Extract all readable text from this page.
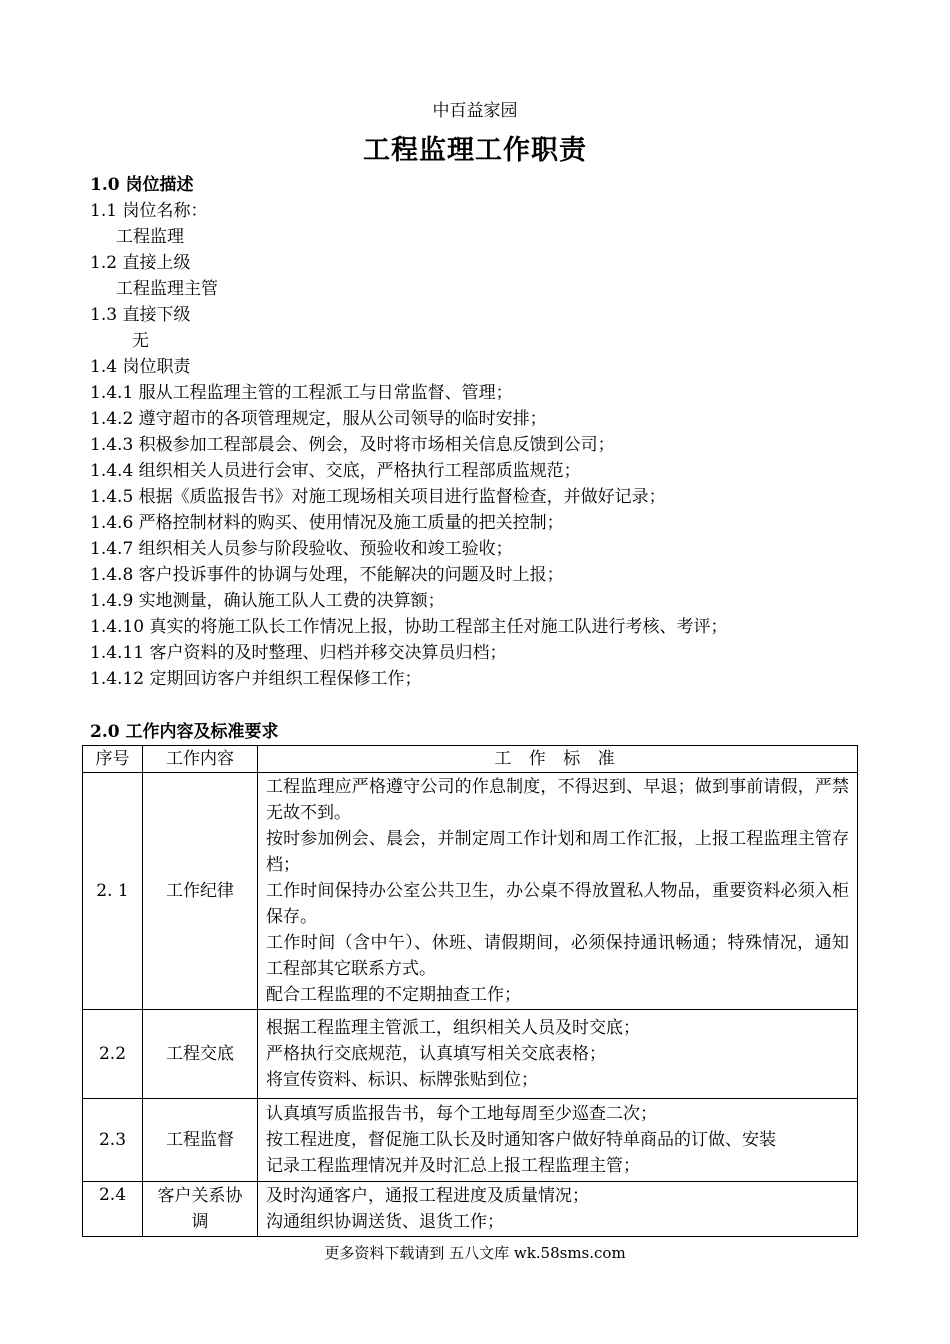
中百益家园
工程监理工作职责
1.0 岗位描述
1.1 岗位名称：
工程监理
1.2 直接上级
工程监理主管
1.3 直接下级
无
1.4 岗位职责
1.4.1 服从工程监理主管的工程派工与日常监督、管理；
1.4.2 遵守超市的各项管理规定，服从公司领导的临时安排；
1.4.3 积极参加工程部晨会、例会，及时将市场相关信息反馈到公司；
1.4.4 组织相关人员进行会审、交底，严格执行工程部质监规范；
1.4.5 根据《质监报告书》对施工现场相关项目进行监督检查，并做好记录；
1.4.6 严格控制材料的购买、使用情况及施工质量的把关控制；
1.4.7 组织相关人员参与阶段验收、预验收和竣工验收；
1.4.8 客户投诉事件的协调与处理，不能解决的问题及时上报；
1.4.9 实地测量，确认施工队人工费的决算额；
1.4.10 真实的将施工队长工作情况上报，协助工程部主任对施工队进行考核、考评；
1.4.11 客户资料的及时整理、归档并移交决算员归档；
1.4.12 定期回访客户并组织工程保修工作；
2.0 工作内容及标准要求
序号	工作内容	工 作 标 准
2. 1	工作纪律	工程监理应严格遵守公司的作息制度，不得迟到、早退；做到事前请假，严禁无故不到。
按时参加例会、晨会，并制定周工作计划和周工作汇报，上报工程监理主管存档；
工作时间保持办公室公共卫生，办公桌不得放置私人物品，重要资料必须入柜保存。
工作时间（含中午）、休班、请假期间，必须保持通讯畅通；特殊情况，通知工程部其它联系方式。
配合工程监理的不定期抽查工作；

2.2	工程交底	根据工程监理主管派工，组织相关人员及时交底；
严格执行交底规范，认真填写相关交底表格；
将宣传资料、标识、标牌张贴到位；

2.3	工程监督	认真填写质监报告书，每个工地每周至少巡查二次；
按工程进度，督促施工队长及时通知客户做好特单商品的订做、安装
记录工程监理情况并及时汇总上报工程监理主管；

2.4	客户关系协调	及时沟通客户，通报工程进度及质量情况；
沟通组织协调送货、退货工作；
更多资料下载请到 五八文库 wk.58sms.com
